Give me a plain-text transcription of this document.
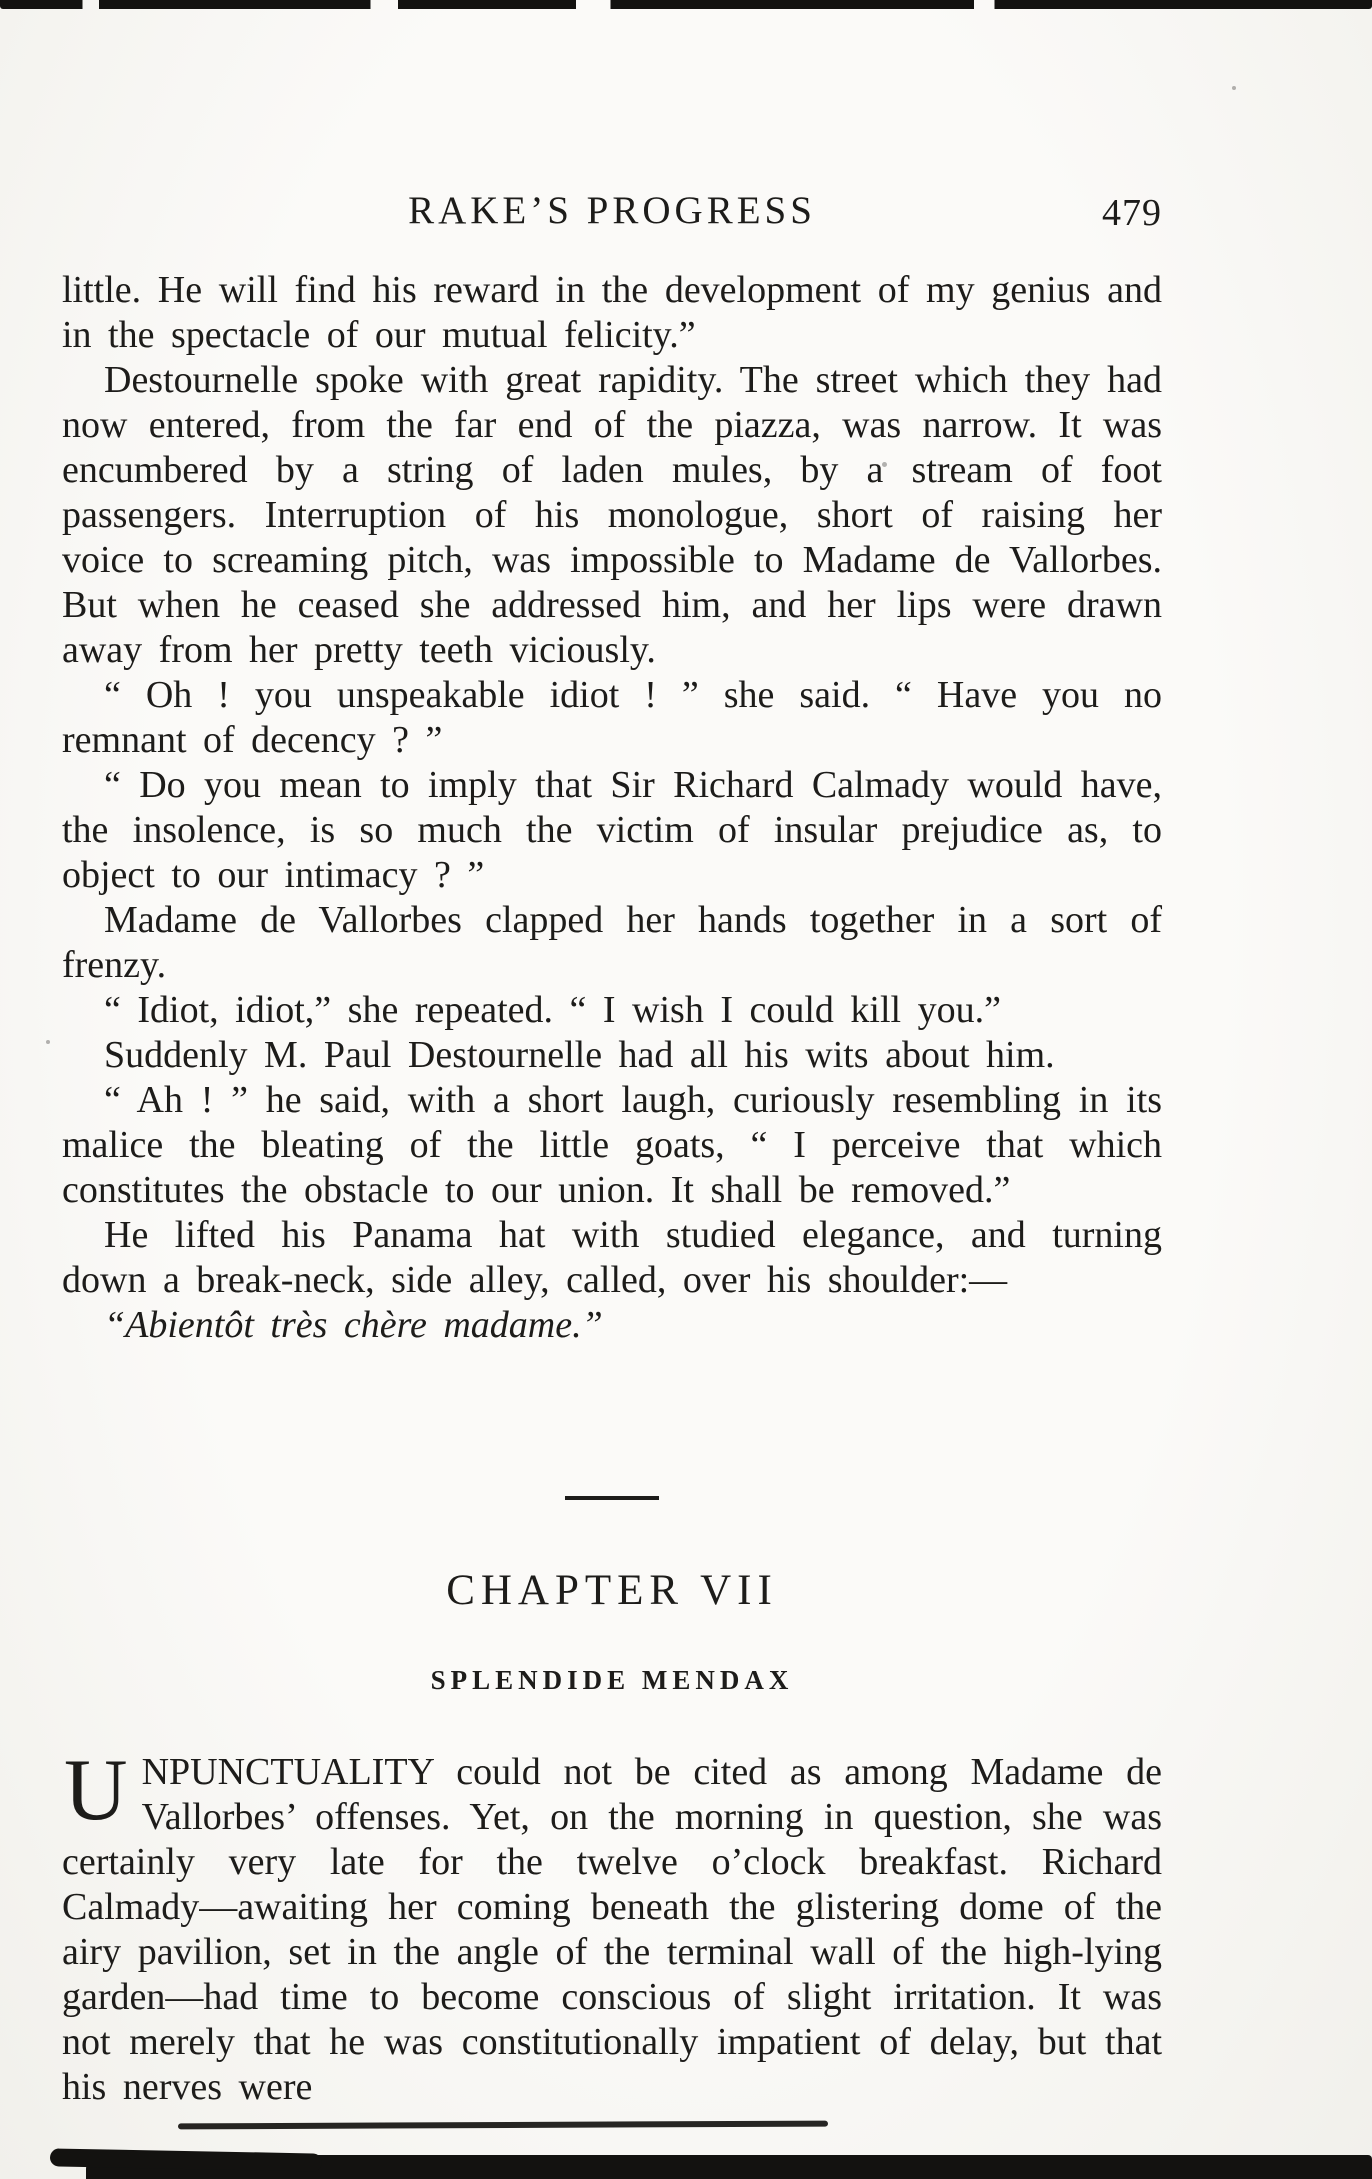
RAKE’S PROGRESS	479

little. He will find his reward in the development of my genius and in the spectacle of our mutual felicity.”

Destournelle spoke with great rapidity. The street which they had now entered, from the far end of the piazza, was narrow. It was encumbered by a string of laden mules, by a stream of foot passengers. Interruption of his monologue, short of raising her voice to screaming pitch, was impossible to Madame de Vallorbes. But when he ceased she addressed him, and her lips were drawn away from her pretty teeth viciously.

“ Oh ! you unspeakable idiot ! ” she said. “ Have you no remnant of decency ? ”

“ Do you mean to imply that Sir Richard Calmady would have, the insolence, is so much the victim of insular prejudice as, to object to our intimacy ? ”

Madame de Vallorbes clapped her hands together in a sort of frenzy.

“ Idiot, idiot,” she repeated. “ I wish I could kill you.”

Suddenly M. Paul Destournelle had all his wits about him.

“ Ah ! ” he said, with a short laugh, curiously resembling in its malice the bleating of the little goats, “ I perceive that which constitutes the obstacle to our union. It shall be removed.”

He lifted his Panama hat with studied elegance, and turning down a break-neck, side alley, called, over his shoulder:—

“Abientôt très chère madame.”

CHAPTER VII
SPLENDIDE MENDAX

UNPUNCTUALITY could not be cited as among Madame de Vallorbes’ offenses. Yet, on the morning in question, she was certainly very late for the twelve o’clock breakfast. Richard Calmady—awaiting her coming beneath the glistering dome of the airy pavilion, set in the angle of the terminal wall of the high-lying garden—had time to become conscious of slight irritation. It was not merely that he was constitutionally impatient of delay, but that his nerves were
